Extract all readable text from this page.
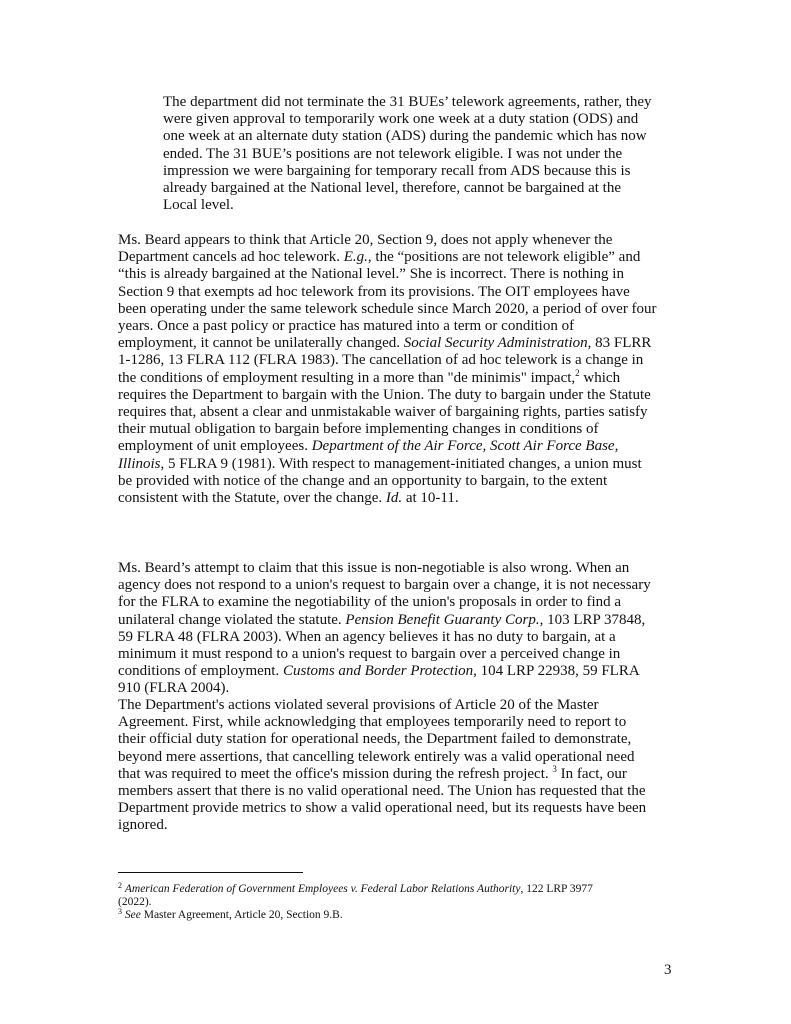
The department did not terminate the 31 BUEs’ telework agreements, rather, they
were given approval to temporarily work one week at a duty station (ODS) and
one week at an alternate duty station (ADS) during the pandemic which has now
ended. The 31 BUE’s positions are not telework eligible. I was not under the
impression we were bargaining for temporary recall from ADS because this is
already bargained at the National level, therefore, cannot be bargained at the
Local level.
Ms. Beard appears to think that Article 20, Section 9, does not apply whenever the
Department cancels ad hoc telework. E.g., the “positions are not telework eligible” and
“this is already bargained at the National level.” She is incorrect. There is nothing in
Section 9 that exempts ad hoc telework from its provisions. The OIT employees have
been operating under the same telework schedule since March 2020, a period of over four
years. Once a past policy or practice has matured into a term or condition of
employment, it cannot be unilaterally changed. Social Security Administration, 83 FLRR
1-1286, 13 FLRA 112 (FLRA 1983). The cancellation of ad hoc telework is a change in
the conditions of employment resulting in a more than "de minimis" impact,$^2$ which
requires the Department to bargain with the Union. The duty to bargain under the Statute
requires that, absent a clear and unmistakable waiver of bargaining rights, parties satisfy
their mutual obligation to bargain before implementing changes in conditions of
employment of unit employees. Department of the Air Force, Scott Air Force Base,
Illinois, 5 FLRA 9 (1981). With respect to management-initiated changes, a union must
be provided with notice of the change and an opportunity to bargain, to the extent
consistent with the Statute, over the change. Id. at 10-11.
Ms. Beard’s attempt to claim that this issue is non-negotiable is also wrong. When an
agency does not respond to a union's request to bargain over a change, it is not necessary
for the FLRA to examine the negotiability of the union's proposals in order to find a
unilateral change violated the statute. Pension Benefit Guaranty Corp., 103 LRP 37848,
59 FLRA 48 (FLRA 2003). When an agency believes it has no duty to bargain, at a
minimum it must respond to a union's request to bargain over a perceived change in
conditions of employment. Customs and Border Protection, 104 LRP 22938, 59 FLRA
910 (FLRA 2004).
The Department's actions violated several provisions of Article 20 of the Master
Agreement. First, while acknowledging that employees temporarily need to report to
their official duty station for operational needs, the Department failed to demonstrate,
beyond mere assertions, that cancelling telework entirely was a valid operational need
that was required to meet the office's mission during the refresh project. $^3$ In fact, our
members assert that there is no valid operational need. The Union has requested that the
Department provide metrics to show a valid operational need, but its requests have been
ignored.
$^2$ American Federation of Government Employees v. Federal Labor Relations Authority, 122 LRP 3977
(2022).
$^3$ See Master Agreement, Article 20, Section 9.B.
3
